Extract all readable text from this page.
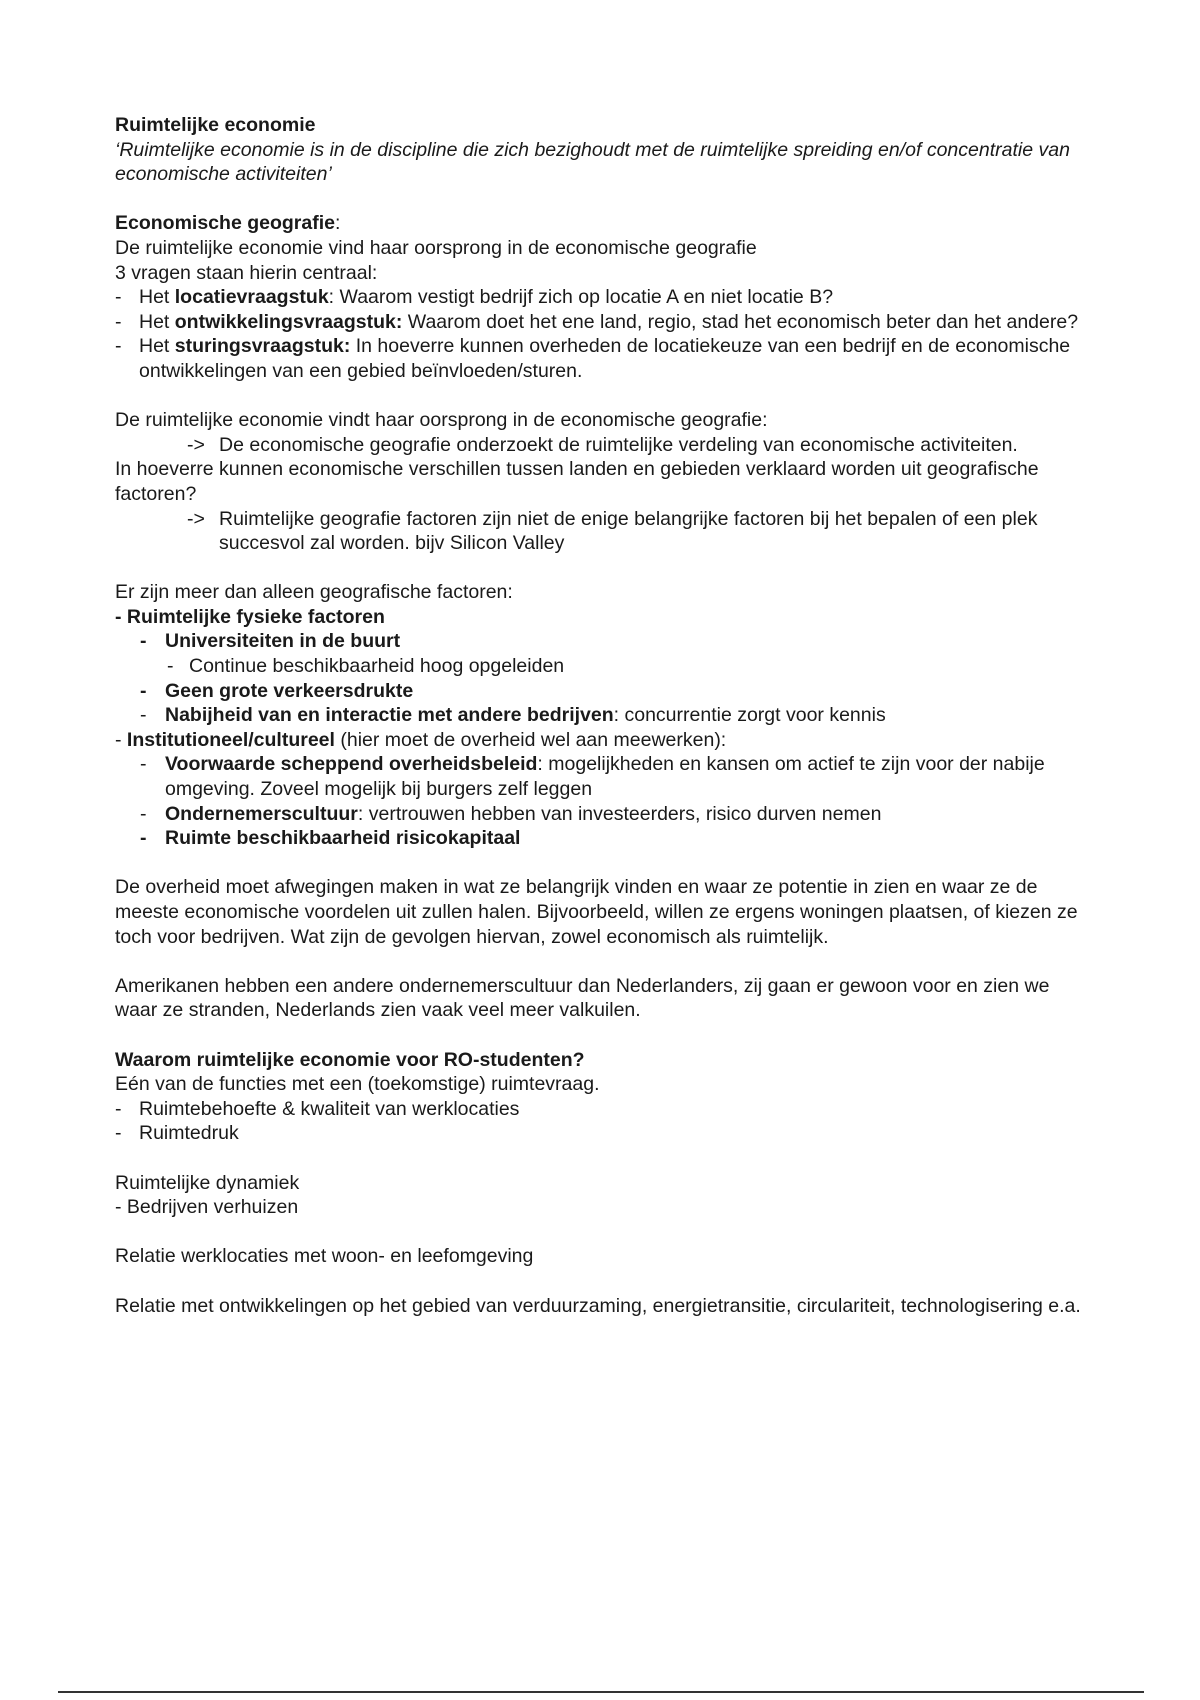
Ruimtelijke economie

‘Ruimtelijke economie is in de discipline die zich bezighoudt met de ruimtelijke spreiding en/of concentratie van economische activiteiten’

Economische geografie:

De ruimtelijke economie vind haar oorsprong in de economische geografie

3 vragen staan hierin centraal:

- Het locatievraagstuk: Waarom vestigt bedrijf zich op locatie A en niet locatie B?

- Het ontwikkelingsvraagstuk: Waarom doet het ene land, regio, stad het economisch beter dan het andere?

- Het sturingsvraagstuk: In hoeverre kunnen overheden de locatiekeuze van een bedrijf en de economische ontwikkelingen van een gebied beïnvloeden/sturen.

De ruimtelijke economie vindt haar oorsprong in de economische geografie:

-> De economische geografie onderzoekt de ruimtelijke verdeling van economische activiteiten.

In hoeverre kunnen economische verschillen tussen landen en gebieden verklaard worden uit geografische factoren?

-> Ruimtelijke geografie factoren zijn niet de enige belangrijke factoren bij het bepalen of een plek succesvol zal worden. bijv Silicon Valley

Er zijn meer dan alleen geografische factoren:

- Ruimtelijke fysieke factoren

- Universiteiten in de buurt

- Continue beschikbaarheid hoog opgeleiden

- Geen grote verkeersdrukte

- Nabijheid van en interactie met andere bedrijven: concurrentie zorgt voor kennis

- Institutioneel/cultureel (hier moet de overheid wel aan meewerken):

- Voorwaarde scheppend overheidsbeleid: mogelijkheden en kansen om actief te zijn voor der nabije omgeving. Zoveel mogelijk bij burgers zelf leggen

- Ondernemerscultuur: vertrouwen hebben van investeerders, risico durven nemen

- Ruimte beschikbaarheid risicokapitaal

De overheid moet afwegingen maken in wat ze belangrijk vinden en waar ze potentie in zien en waar ze de meeste economische voordelen uit zullen halen. Bijvoorbeeld, willen ze ergens woningen plaatsen, of kiezen ze toch voor bedrijven. Wat zijn de gevolgen hiervan, zowel economisch als ruimtelijk.

Amerikanen hebben een andere ondernemerscultuur dan Nederlanders, zij gaan er gewoon voor en zien we waar ze stranden, Nederlands zien vaak veel meer valkuilen.

Waarom ruimtelijke economie voor RO-studenten?

Eén van de functies met een (toekomstige) ruimtevraag.

- Ruimtebehoefte & kwaliteit van werklocaties

- Ruimtedruk

Ruimtelijke dynamiek

- Bedrijven verhuizen

Relatie werklocaties met woon- en leefomgeving

Relatie met ontwikkelingen op het gebied van verduurzaming, energietransitie, circulariteit, technologisering e.a.
